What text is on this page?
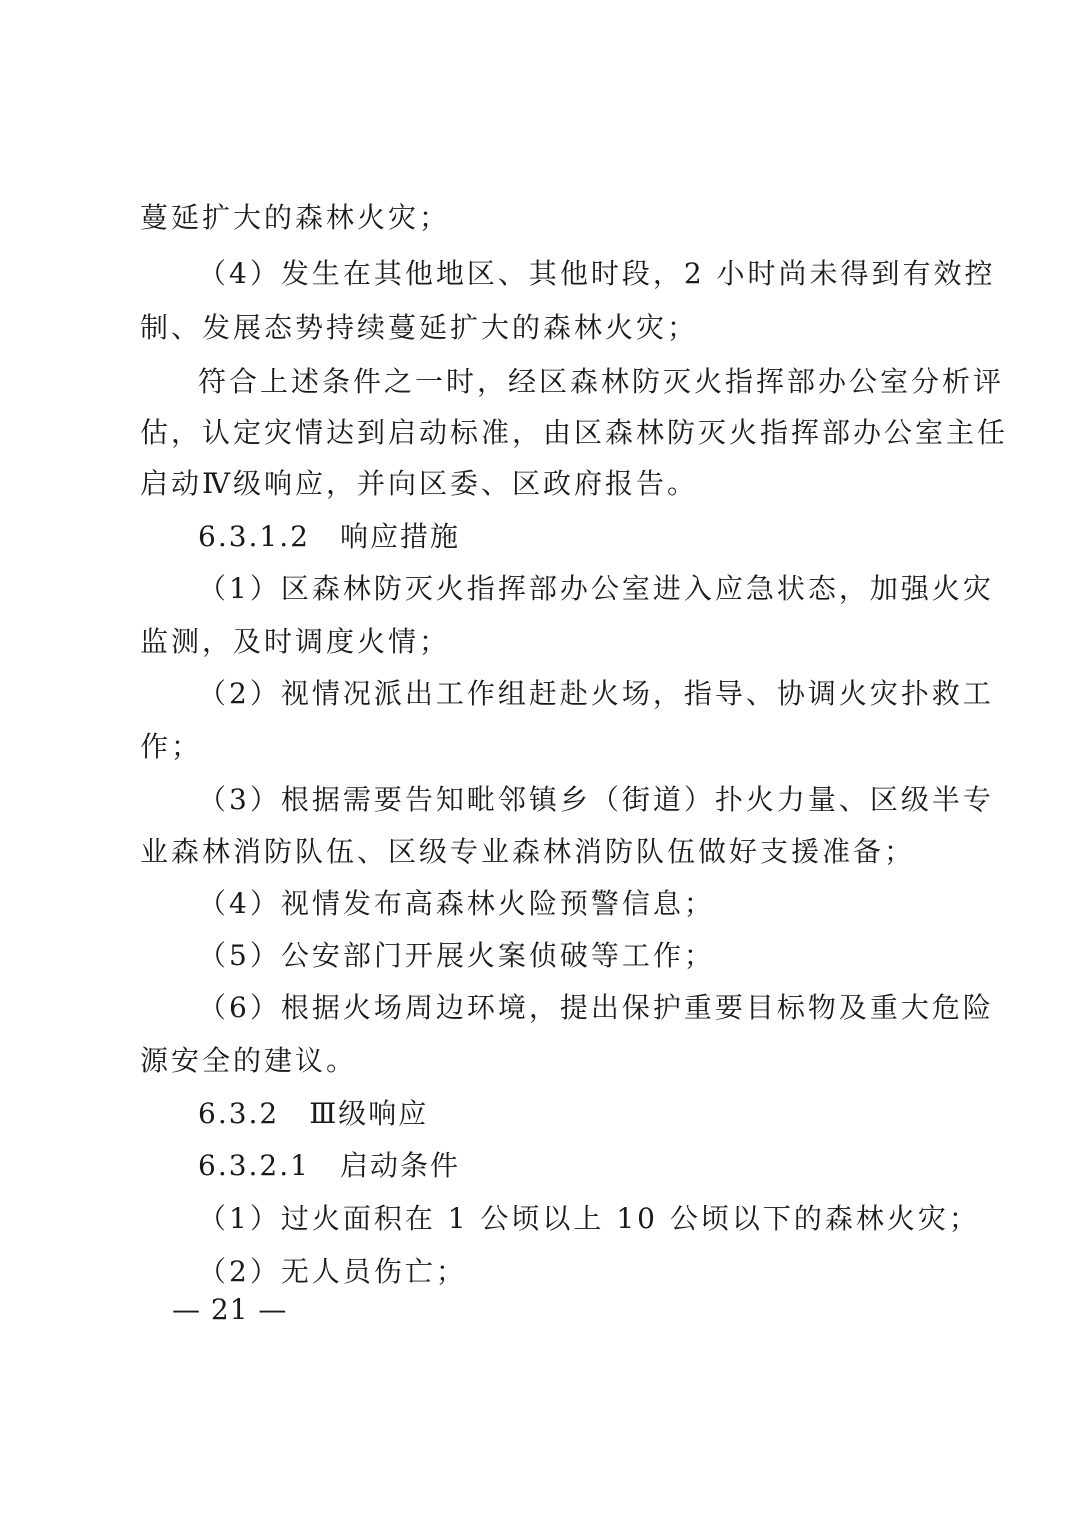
蔓延扩大的森林火灾；

（4）发生在其他地区、其他时段，2 小时尚未得到有效控

制、发展态势持续蔓延扩大的森林火灾；

符合上述条件之一时，经区森林防灭火指挥部办公室分析评

估，认定灾情达到启动标准，由区森林防灭火指挥部办公室主任

启动Ⅳ级响应，并向区委、区政府报告。

6.3.1.2　响应措施

（1）区森林防灭火指挥部办公室进入应急状态，加强火灾

监测，及时调度火情；

（2）视情况派出工作组赶赴火场，指导、协调火灾扑救工

作；

（3）根据需要告知毗邻镇乡（街道）扑火力量、区级半专

业森林消防队伍、区级专业森林消防队伍做好支援准备；

（4）视情发布高森林火险预警信息；

（5）公安部门开展火案侦破等工作；

（6）根据火场周边环境，提出保护重要目标物及重大危险

源安全的建议。

6.3.2　Ⅲ级响应

6.3.2.1　启动条件

（1）过火面积在 1 公顷以上 10 公顷以下的森林火灾；

（2）无人员伤亡；

— 21 —
